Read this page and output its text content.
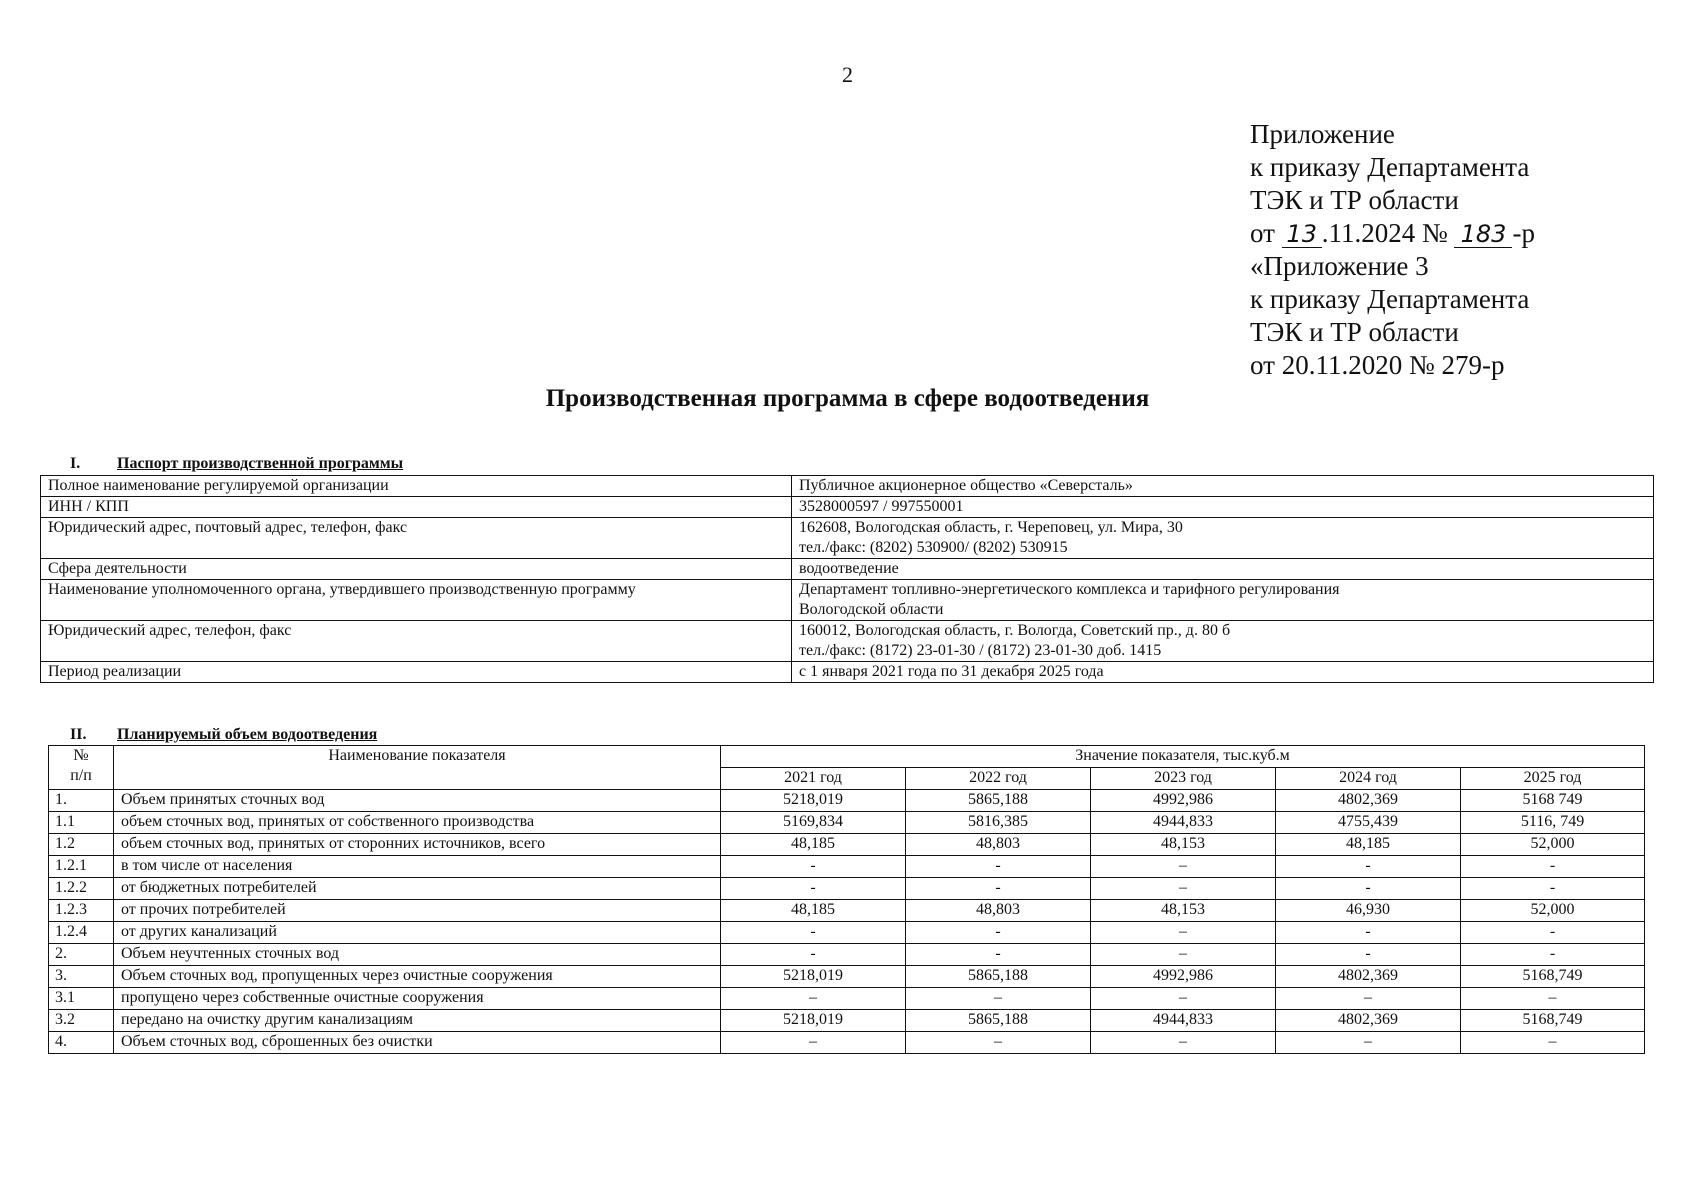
2
Приложение
к приказу Департамента
ТЭК и ТР области
от 13 .11.2024 № 183 -р
«Приложение 3
к приказу Департамента
ТЭК и ТР области
от 20.11.2020 № 279-р
Производственная программа в сфере водоотведения
I. Паспорт производственной программы
Полное наименование регулируемой организации	Публичное акционерное общество «Северсталь»

ИНН / КПП	3528000597 / 997550001

Юридический адрес, почтовый адрес, телефон, факс	162608, Вологодская область, г. Череповец, ул. Мира, 30
тел./факс: (8202) 530900/ (8202) 530915

Сфера деятельности	водоотведение

Наименование уполномоченного органа, утвердившего производственную программу	Департамент топливно-энергетического комплекса и тарифного регулирования
Вологодской области

Юридический адрес, телефон, факс	160012, Вологодская область, г. Вологда, Советский пр., д. 80 б
тел./факс: (8172) 23-01-30 / (8172) 23-01-30 доб. 1415

Период реализации	с 1 января 2021 года по 31 декабря 2025 года
II. Планируемый объем водоотведения
№
п/п	Наименование показателя	Значение показателя, тыс.куб.м				
		2021 год	2022 год	2023 год	2024 год	2025 год
1.	Объем принятых сточных вод	5218,019	5865,188	4992,986	4802,369	5168 749
1.1	объем сточных вод, принятых от собственного производства	5169,834	5816,385	4944,833	4755,439	5116, 749
1.2	объем сточных вод, принятых от сторонних источников, всего	48,185	48,803	48,153	48,185	52,000
1.2.1	в том числе от населения	-	-	–	-	-
1.2.2	от бюджетных потребителей	-	-	–	-	-
1.2.3	от прочих потребителей	48,185	48,803	48,153	46,930	52,000
1.2.4	от других канализаций	-	-	–	-	-
2.	Объем неучтенных сточных вод	-	-	–	-	-
3.	Объем сточных вод, пропущенных через очистные сооружения	5218,019	5865,188	4992,986	4802,369	5168,749
3.1	пропущено через собственные очистные сооружения	–	–	–	–	–
3.2	передано на очистку другим канализациям	5218,019	5865,188	4944,833	4802,369	5168,749
4.	Объем сточных вод, сброшенных без очистки	–	–	–	–	–
